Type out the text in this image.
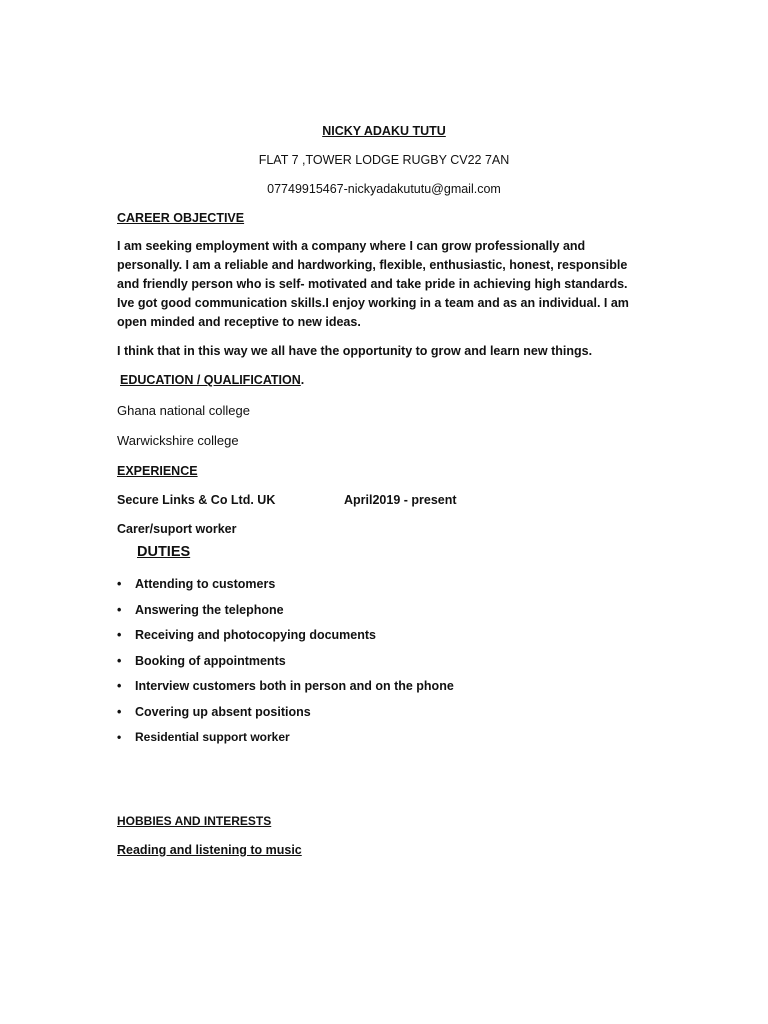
NICKY ADAKU TUTU

FLAT 7 ,TOWER LODGE RUGBY CV22 7AN

07749915467-nickyadakututu@gmail.com

CAREER OBJECTIVE

I am seeking employment with a company where I can grow professionally and personally. I am a reliable and hardworking, flexible, enthusiastic, honest, responsible and friendly person who is self- motivated and take pride in achieving high standards. Ive got good communication skills.I enjoy working in a team and as an individual. I am open minded and receptive to new ideas.

I think that in this way we all have the opportunity to grow and learn new things.

EDUCATION / QUALIFICATION.

Ghana national college

Warwickshire college

EXPERIENCE

Secure Links & Co Ltd. UK	April2019 - present

Carer/suport worker

DUTIES

• Attending to customers
• Answering the telephone
• Receiving and photocopying documents
• Booking of appointments
• Interview customers both in person and on the phone
• Covering up absent positions
• Residential support worker

HOBBIES AND INTERESTS

Reading and listening to music
